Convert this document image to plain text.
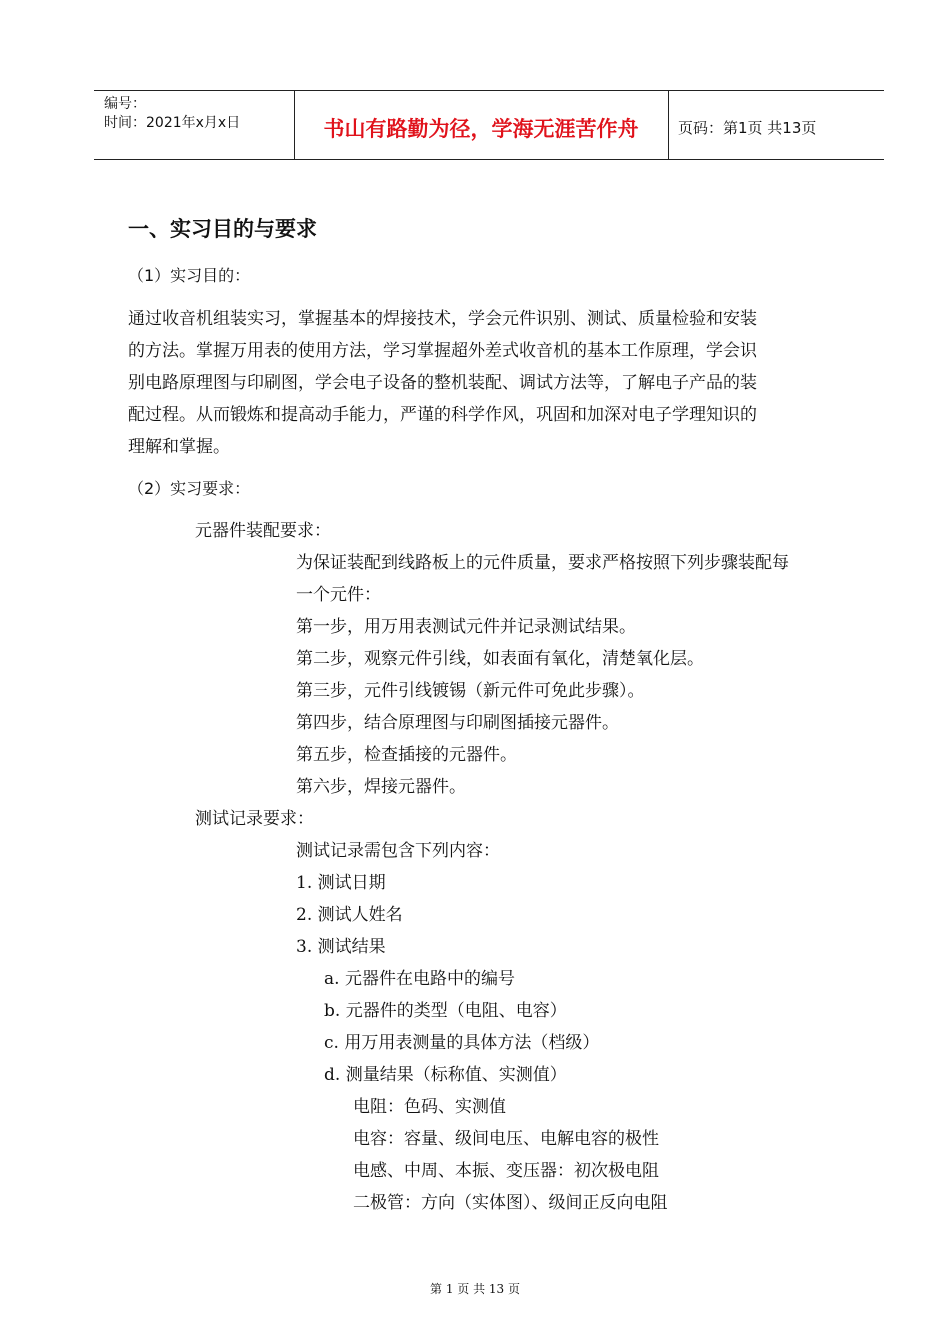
编号：
时间：2021年x月x日	书山有路勤为径，学海无涯苦作舟	页码：第1页 共13页
一、实习目的与要求
（1）实习目的：
通过收音机组装实习，掌握基本的焊接技术，学会元件识别、测试、质量检验和安装
的方法。掌握万用表的使用方法，学习掌握超外差式收音机的基本工作原理，学会识
别电路原理图与印刷图，学会电子设备的整机装配、调试方法等，了解电子产品的装
配过程。从而锻炼和提高动手能力，严谨的科学作风，巩固和加深对电子学理知识的
理解和掌握。
（2）实习要求：
元器件装配要求：
为保证装配到线路板上的元件质量，要求严格按照下列步骤装配每
一个元件：
第一步，用万用表测试元件并记录测试结果。
第二步，观察元件引线，如表面有氧化，清楚氧化层。
第三步，元件引线镀锡（新元件可免此步骤）。
第四步，结合原理图与印刷图插接元器件。
第五步，检查插接的元器件。
第六步，焊接元器件。
测试记录要求：
测试记录需包含下列内容：
1. 测试日期
2. 测试人姓名
3. 测试结果
a. 元器件在电路中的编号
b. 元器件的类型（电阻、电容）
c. 用万用表测量的具体方法（档级）
d. 测量结果（标称值、实测值）
电阻：色码、实测值
电容：容量、级间电压、电解电容的极性
电感、中周、本振、变压器：初次极电阻
二极管：方向（实体图）、级间正反向电阻
第 1 页 共 13 页
